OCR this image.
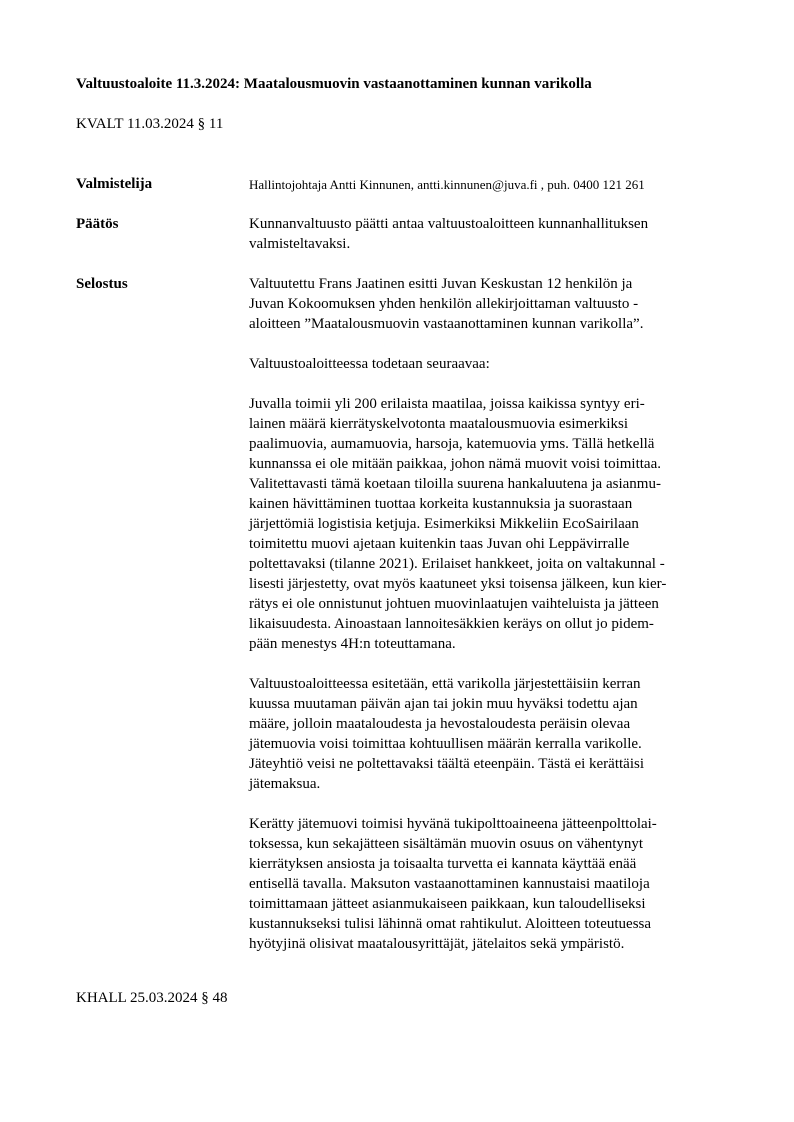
Valtuustoaloite 11.3.2024: Maatalousmuovin vastaanottaminen kunnan varikolla

KVALT 11.03.2024 § 11

Valmistelija	Hallintojohtaja Antti Kinnunen, antti.kinnunen@juva.fi , puh. 0400 121 261
Päätös	Kunnanvaltuusto päätti antaa valtuustoaloitteen kunnanhallituksen
valmisteltavaksi.
Selostus	Valtuutettu Frans Jaatinen esitti Juvan Keskustan 12 henkilön ja
Juvan Kokoomuksen yhden henkilön allekirjoittaman valtuusto -
aloitteen ”Maatalousmuovin vastaanottaminen kunnan varikolla”.
Valtuustoaloitteessa todetaan seuraavaa:
Juvalla toimii yli 200 erilaista maatilaa, joissa kaikissa syntyy eri-
lainen määrä kierrätyskelvotonta maatalousmuovia esimerkiksi
paalimuovia, aumamuovia, harsoja, katemuovia yms. Tällä hetkellä
kunnanssa ei ole mitään paikkaa, johon nämä muovit voisi toimittaa.
Valitettavasti tämä koetaan tiloilla suurena hankaluutena ja asianmu-
kainen hävittäminen tuottaa korkeita kustannuksia ja suorastaan
järjettömiä logistisia ketjuja. Esimerkiksi Mikkeliin EcoSairilaan
toimitettu muovi ajetaan kuitenkin taas Juvan ohi Leppävirralle
poltettavaksi (tilanne 2021). Erilaiset hankkeet, joita on valtakunnal -
lisesti järjestetty, ovat myös kaatuneet yksi toisensa jälkeen, kun kier-
rätys ei ole onnistunut johtuen muovinlaatujen vaihteluista ja jätteen
likaisuudesta. Ainoastaan lannoitesäkkien keräys on ollut jo pidem-
pään menestys 4H:n toteuttamana.
Valtuustoaloitteessa esitetään, että varikolla järjestettäisiin kerran
kuussa muutaman päivän ajan tai jokin muu hyväksi todettu ajan
määre, jolloin maataloudesta ja hevostaloudesta peräisin olevaa
jätemuovia voisi toimittaa kohtuullisen määrän kerralla varikolle.
Jäteyhtiö veisi ne poltettavaksi täältä eteenpäin. Tästä ei kerättäisi
jätemaksua.
Kerätty jätemuovi toimisi hyvänä tukipolttoaineena jätteenpolttolai-
toksessa, kun sekajätteen sisältämän muovin osuus on vähentynyt
kierrätyksen ansiosta ja toisaalta turvetta ei kannata käyttää enää
entisellä tavalla. Maksuton vastaanottaminen kannustaisi maatiloja
toimittamaan jätteet asianmukaiseen paikkaan, kun taloudelliseksi
kustannukseksi tulisi lähinnä omat rahtikulut. Aloitteen toteutuessa
hyötyjinä olisivat maatalousyrittäjät, jätelaitos sekä ympäristö.

KHALL 25.03.2024 § 48
